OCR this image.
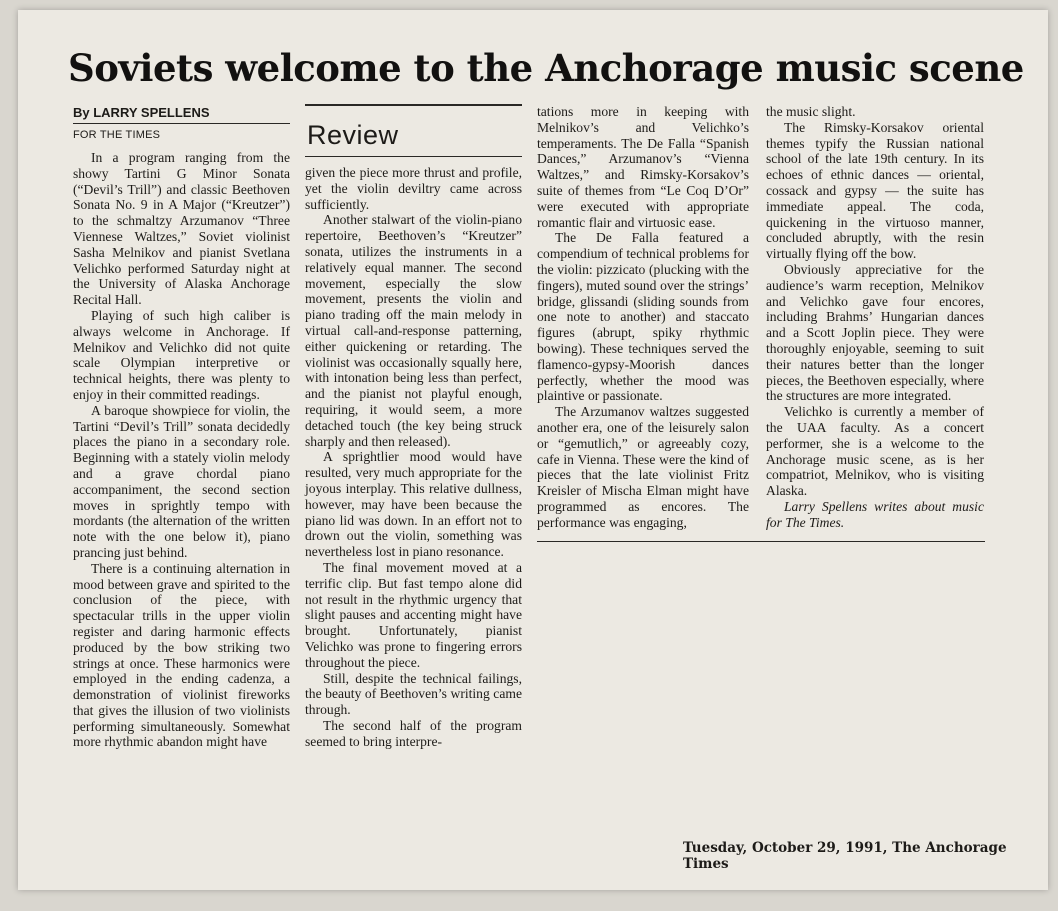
Soviets welcome to the Anchorage music scene
By LARRY SPELLENS
FOR THE TIMES	Review

In a program ranging from the showy Tartini G Minor Sonata (“Devil’s Trill”) and classic Beethoven Sonata No. 9 in A Major (“Kreutzer”) to the schmaltzy Arzumanov “Three Viennese Waltzes,” Soviet violinist Sasha Melnikov and pianist Svetlana Velichko performed Saturday night at the University of Alaska Anchorage Recital Hall.

Playing of such high caliber is always welcome in Anchorage. If Melnikov and Velichko did not quite scale Olympian interpretive or technical heights, there was plenty to enjoy in their committed readings.

A baroque showpiece for violin, the Tartini “Devil’s Trill” sonata decidedly places the piano in a secondary role. Beginning with a stately violin melody and a grave chordal piano accompaniment, the second section moves in sprightly tempo with mordants (the alternation of the written note with the one below it), piano prancing just behind.

There is a continuing alternation in mood between grave and spirited to the conclusion of the piece, with spectacular trills in the upper violin register and daring harmonic effects produced by the bow striking two strings at once. These harmonics were employed in the ending cadenza, a demonstration of violinist fireworks that gives the illusion of two violinists performing simultaneously. Somewhat more rhythmic abandon might have

given the piece more thrust and profile, yet the violin deviltry came across sufficiently.

Another stalwart of the violin-piano repertoire, Beethoven’s “Kreutzer” sonata, utilizes the instruments in a relatively equal manner. The second movement, especially the slow movement, presents the violin and piano trading off the main melody in virtual call-and-response patterning, either quickening or retarding. The violinist was occasionally squally here, with intonation being less than perfect, and the pianist not playful enough, requiring, it would seem, a more detached touch (the key being struck sharply and then released).

A sprightlier mood would have resulted, very much appropriate for the joyous interplay. This relative dullness, however, may have been because the piano lid was down. In an effort not to drown out the violin, something was nevertheless lost in piano resonance.

The final movement moved at a terrific clip. But fast tempo alone did not result in the rhythmic urgency that slight pauses and accenting might have brought. Unfortunately, pianist Velichko was prone to fingering errors throughout the piece.

Still, despite the technical failings, the beauty of Beethoven’s writing came through.

The second half of the program seemed to bring interpre-

tations more in keeping with Melnikov’s and Velichko’s temperaments. The De Falla “Spanish Dances,” Arzumanov’s “Vienna Waltzes,” and Rimsky-Korsakov’s suite of themes from “Le Coq D’Or” were executed with appropriate romantic flair and virtuosic ease.

The De Falla featured a compendium of technical problems for the violin: pizzicato (plucking with the fingers), muted sound over the strings’ bridge, glissandi (sliding sounds from one note to another) and staccato figures (abrupt, spiky rhythmic bowing). These techniques served the flamenco-gypsy-Moorish dances perfectly, whether the mood was plaintive or passionate.

The Arzumanov waltzes suggested another era, one of the leisurely salon or “gemutlich,” or agreeably cozy, cafe in Vienna. These were the kind of pieces that the late violinist Fritz Kreisler of Mischa Elman might have programmed as encores. The performance was engaging,

the music slight.

The Rimsky-Korsakov oriental themes typify the Russian national school of the late 19th century. In its echoes of ethnic dances — oriental, cossack and gypsy — the suite has immediate appeal. The coda, quickening in the virtuoso manner, concluded abruptly, with the resin virtually flying off the bow.

Obviously appreciative for the audience’s warm reception, Melnikov and Velichko gave four encores, including Brahms’ Hungarian dances and a Scott Joplin piece. They were thoroughly enjoyable, seeming to suit their natures better than the longer pieces, the Beethoven especially, where the structures are more integrated.

Velichko is currently a member of the UAA faculty. As a concert performer, she is a welcome to the Anchorage music scene, as is her compatriot, Melnikov, who is visiting Alaska.

Larry Spellens writes about music for The Times.

Tuesday, October 29, 1991, The Anchorage Times
